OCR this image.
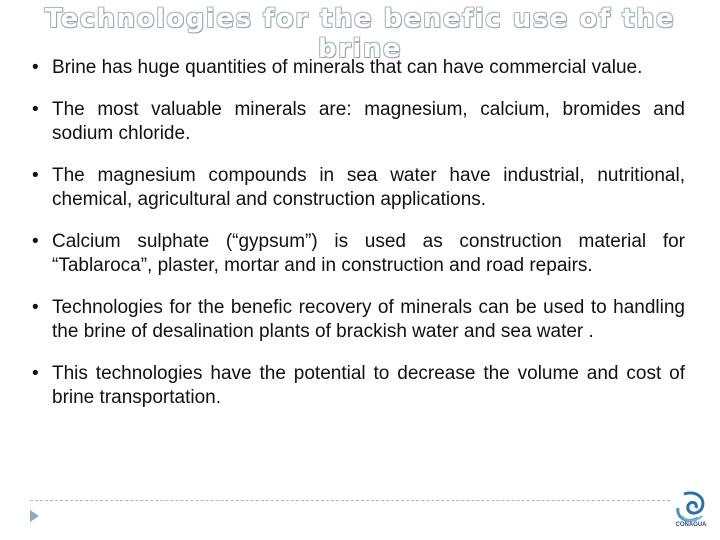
Technologies for the benefic use of the brine
• Brine has huge quantities of minerals that can have commercial value.
• The most valuable minerals are: magnesium, calcium, bromides and sodium chloride.
• The magnesium compounds in sea water have industrial, nutritional, chemical, agricultural and construction applications.
• Calcium sulphate (“gypsum”) is used as construction material for “Tablaroca”, plaster, mortar and in construction and road repairs.
• Technologies for the benefic recovery of minerals can be used to handling the brine of desalination plants of brackish water and sea water .
• This technologies have the potential to decrease the volume and cost of brine transportation.
CONAGUA
